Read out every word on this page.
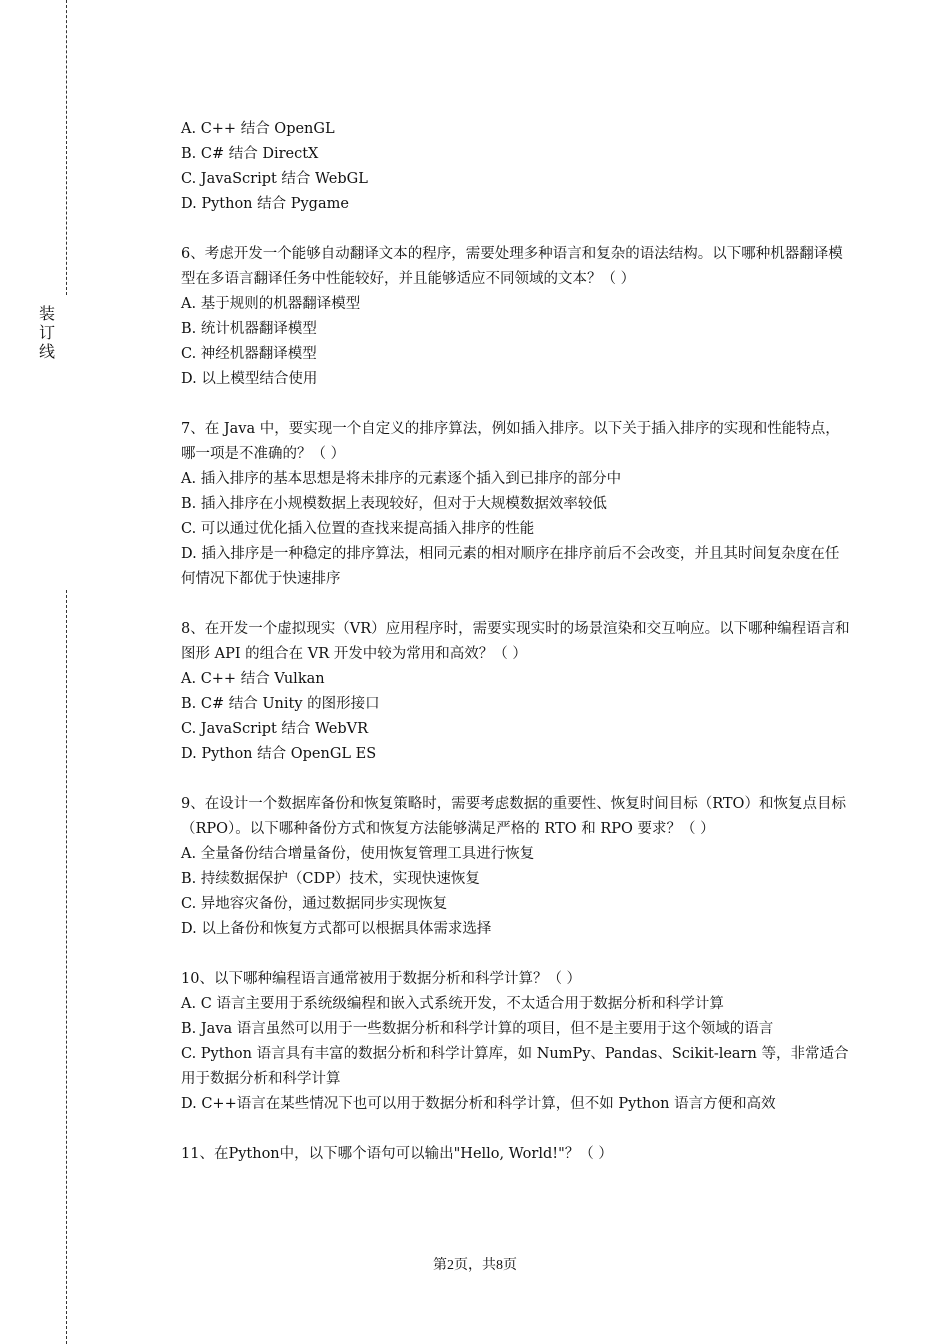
装订线
A. C++ 结合 OpenGL
B. C# 结合 DirectX
C. JavaScript 结合 WebGL
D. Python 结合 Pygame
6、考虑开发一个能够自动翻译文本的程序，需要处理多种语言和复杂的语法结构。以下哪种机器翻译模型在多语言翻译任务中性能较好，并且能够适应不同领域的文本？（ ）
A. 基于规则的机器翻译模型
B. 统计机器翻译模型
C. 神经机器翻译模型
D. 以上模型结合使用
7、在 Java 中，要实现一个自定义的排序算法，例如插入排序。以下关于插入排序的实现和性能特点，哪一项是不准确的？（ ）
A. 插入排序的基本思想是将未排序的元素逐个插入到已排序的部分中
B. 插入排序在小规模数据上表现较好，但对于大规模数据效率较低
C. 可以通过优化插入位置的查找来提高插入排序的性能
D. 插入排序是一种稳定的排序算法，相同元素的相对顺序在排序前后不会改变，并且其时间复杂度在任何情况下都优于快速排序
8、在开发一个虚拟现实（VR）应用程序时，需要实现实时的场景渲染和交互响应。以下哪种编程语言和图形 API 的组合在 VR 开发中较为常用和高效？（ ）
A. C++ 结合 Vulkan
B. C# 结合 Unity 的图形接口
C. JavaScript 结合 WebVR
D. Python 结合 OpenGL ES
9、在设计一个数据库备份和恢复策略时，需要考虑数据的重要性、恢复时间目标（RTO）和恢复点目标（RPO）。以下哪种备份方式和恢复方法能够满足严格的 RTO 和 RPO 要求？（ ）
A. 全量备份结合增量备份，使用恢复管理工具进行恢复
B. 持续数据保护（CDP）技术，实现快速恢复
C. 异地容灾备份，通过数据同步实现恢复
D. 以上备份和恢复方式都可以根据具体需求选择
10、以下哪种编程语言通常被用于数据分析和科学计算？（ ）
A. C 语言主要用于系统级编程和嵌入式系统开发，不太适合用于数据分析和科学计算
B. Java 语言虽然可以用于一些数据分析和科学计算的项目，但不是主要用于这个领域的语言
C. Python 语言具有丰富的数据分析和科学计算库，如 NumPy、Pandas、Scikit-learn 等，非常适合用于数据分析和科学计算
D. C++语言在某些情况下也可以用于数据分析和科学计算，但不如 Python 语言方便和高效
11、在Python中，以下哪个语句可以输出"Hello, World!"？（ ）
第2页，共8页
